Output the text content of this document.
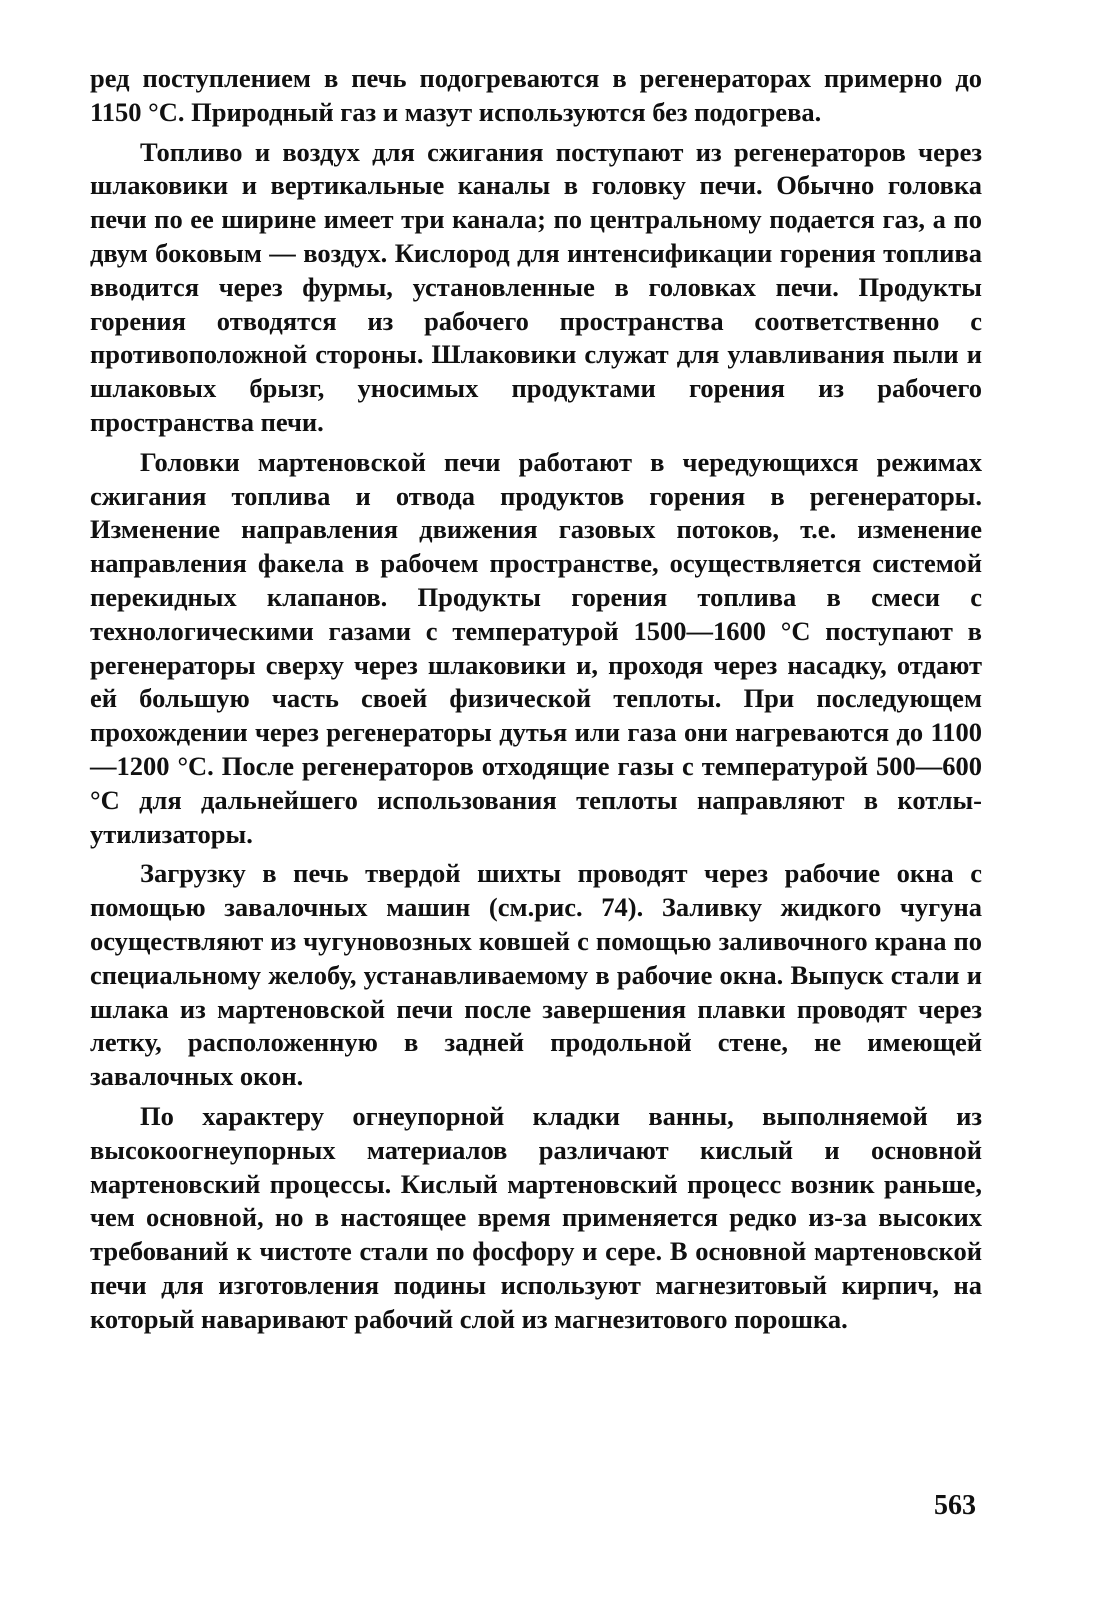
ред поступлением в печь подогреваются в регенераторах примерно до 1150 °С. Природный газ и мазут используются без подогрева.

Топливо и воздух для сжигания поступают из регенераторов через шлаковики и вертикальные каналы в головку печи. Обычно головка печи по ее ширине имеет три канала; по центральному подается газ, а по двум боковым — воздух. Кислород для интенсификации горения топлива вводится через фурмы, установленные в головках печи. Продукты горения отводятся из рабочего пространства соответственно с противоположной стороны. Шлаковики служат для улавливания пыли и шлаковых брызг, уносимых продуктами горения из рабочего пространства печи.

Головки мартеновской печи работают в чередующихся режимах сжигания топлива и отвода продуктов горения в регенераторы. Изменение направления движения газовых потоков, т.е. изменение направления факела в рабочем пространстве, осуществляется системой перекидных клапанов. Продукты горения топлива в смеси с технологическими газами с температурой 1500—1600 °С поступают в регенераторы сверху через шлаковики и, проходя через насадку, отдают ей большую часть своей физической теплоты. При последующем прохождении через регенераторы дутья или газа они нагреваются до 1100—1200 °С. После регенераторов отходящие газы с температурой 500—600 °С для дальнейшего использования теплоты направляют в котлы-утилизаторы.

Загрузку в печь твердой шихты проводят через рабочие окна с помощью завалочных машин (см.рис. 74). Заливку жидкого чугуна осуществляют из чугуновозных ковшей с помощью заливочного крана по специальному желобу, устанавливаемому в рабочие окна. Выпуск стали и шлака из мартеновской печи после завершения плавки проводят через летку, расположенную в задней продольной стене, не имеющей завалочных окон.

По характеру огнеупорной кладки ванны, выполняемой из высокоогнеупорных материалов различают кислый и основной мартеновский процессы. Кислый мартеновский процесс возник раньше, чем основной, но в настоящее время применяется редко из-за высоких требований к чистоте стали по фосфору и сере. В основной мартеновской печи для изготовления подины используют магнезитовый кирпич, на который наваривают рабочий слой из магнезитового порошка.

563
